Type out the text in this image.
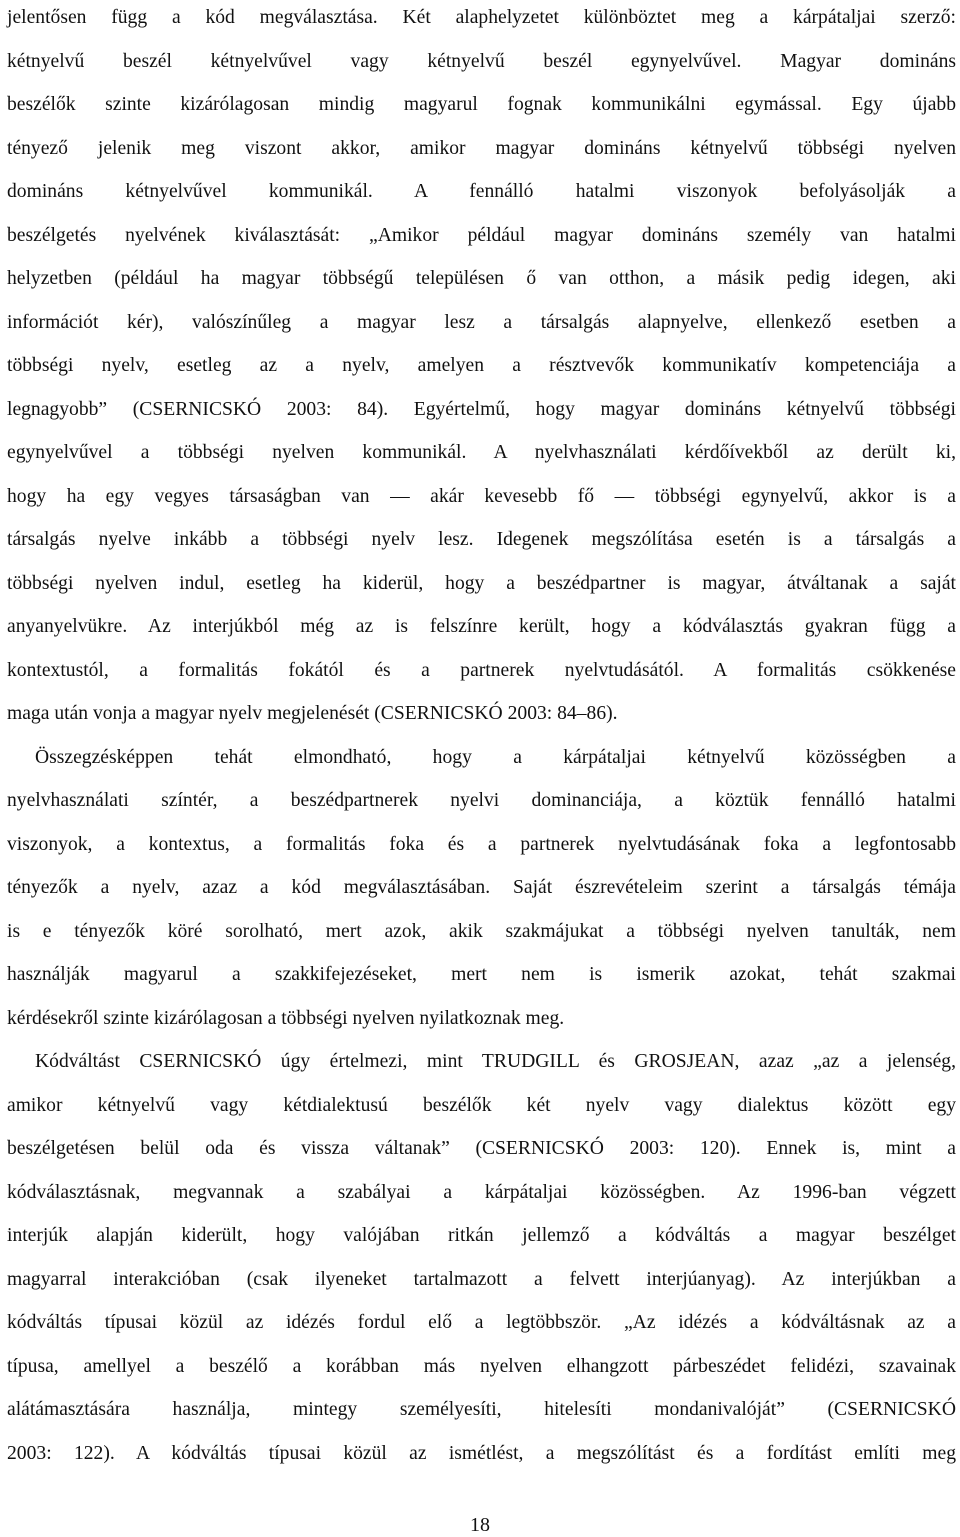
jelentősen függ a kód megválasztása. Két alaphelyzetet különböztet meg a kárpátaljai szerző:
kétnyelvű beszél kétnyelvűvel vagy kétnyelvű beszél egynyelvűvel. Magyar domináns
beszélők szinte kizárólagosan mindig magyarul fognak kommunikálni egymással. Egy újabb
tényező jelenik meg viszont akkor, amikor magyar domináns kétnyelvű többségi nyelven
domináns kétnyelvűvel kommunikál. A fennálló hatalmi viszonyok befolyásolják a
beszélgetés nyelvének kiválasztását: „Amikor például magyar domináns személy van hatalmi
helyzetben (például ha magyar többségű településen ő van otthon, a másik pedig idegen, aki
információt kér), valószínűleg a magyar lesz a társalgás alapnyelve, ellenkező esetben a
többségi nyelv, esetleg az a nyelv, amelyen a résztvevők kommunikatív kompetenciája a
legnagyobb” (CSERNICSKÓ 2003: 84). Egyértelmű, hogy magyar domináns kétnyelvű többségi
egynyelvűvel a többségi nyelven kommunikál. A nyelvhasználati kérdőívekből az derült ki,
hogy ha egy vegyes társaságban van — akár kevesebb fő — többségi egynyelvű, akkor is a
társalgás nyelve inkább a többségi nyelv lesz. Idegenek megszólítása esetén is a társalgás a
többségi nyelven indul, esetleg ha kiderül, hogy a beszédpartner is magyar, átváltanak a saját
anyanyelvükre. Az interjúkból még az is felszínre került, hogy a kódválasztás gyakran függ a
kontextustól, a formalitás fokától és a partnerek nyelvtudásától. A formalitás csökkenése
maga után vonja a magyar nyelv megjelenését (CSERNICSKÓ 2003: 84–86).
Összegzésképpen tehát elmondható, hogy a kárpátaljai kétnyelvű közösségben a
nyelvhasználati színtér, a beszédpartnerek nyelvi dominanciája, a köztük fennálló hatalmi
viszonyok, a kontextus, a formalitás foka és a partnerek nyelvtudásának foka a legfontosabb
tényezők a nyelv, azaz a kód megválasztásában. Saját észrevételeim szerint a társalgás témája
is e tényezők köré sorolható, mert azok, akik szakmájukat a többségi nyelven tanulták, nem
használják magyarul a szakkifejezéseket, mert nem is ismerik azokat, tehát szakmai
kérdésekről szinte kizárólagosan a többségi nyelven nyilatkoznak meg.
Kódváltást CSERNICSKÓ úgy értelmezi, mint TRUDGILL és GROSJEAN, azaz „az a jelenség,
amikor kétnyelvű vagy kétdialektusú beszélők két nyelv vagy dialektus között egy
beszélgetésen belül oda és vissza váltanak” (CSERNICSKÓ 2003: 120). Ennek is, mint a
kódválasztásnak, megvannak a szabályai a kárpátaljai közösségben. Az 1996-ban végzett
interjúk alapján kiderült, hogy valójában ritkán jellemző a kódváltás a magyar beszélget
magyarral interakcióban (csak ilyeneket tartalmazott a felvett interjúanyag). Az interjúkban a
kódváltás típusai közül az idézés fordul elő a legtöbbször. „Az idézés a kódváltásnak az a
típusa, amellyel a beszélő a korábban más nyelven elhangzott párbeszédet felidézi, szavainak
alátámasztására használja, mintegy személyesíti, hitelesíti mondanivalóját” (CSERNICSKÓ
2003: 122). A kódváltás típusai közül az ismétlést, a megszólítást és a fordítást említi meg
18
